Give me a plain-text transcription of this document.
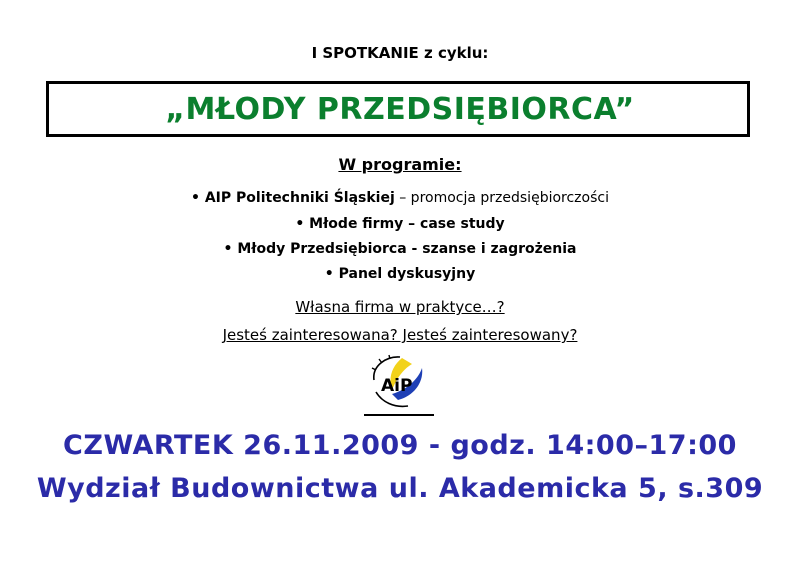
I SPOTKANIE z cyklu:
„MŁODY PRZEDSIĘBIORCA”
W programie:
• AIP Politechniki Śląskiej – promocja przedsiębiorczości
• Młode firmy – case study
• Młody Przedsiębiorca - szanse i zagrożenia
• Panel dyskusyjny
Własna firma w praktyce…?
Jesteś zainteresowana? Jesteś zainteresowany?
AiP
CZWARTEK 26.11.2009 - godz. 14:00–17:00
Wydział Budownictwa ul. Akademicka 5, s.309
